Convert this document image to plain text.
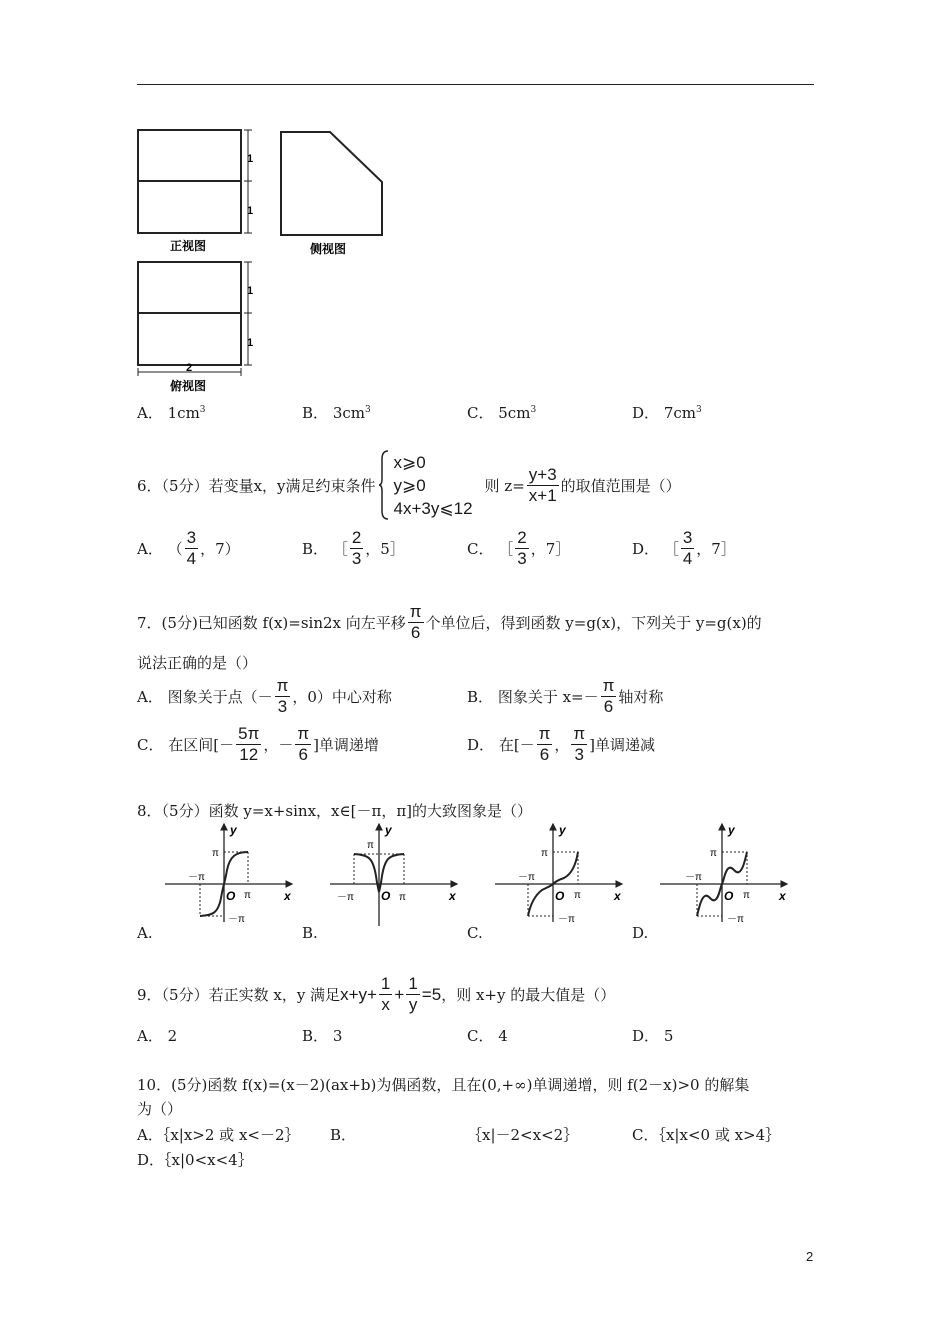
1
1
正视图	侧视图
1
1
2
俯视图
A． $1cm^3$	B． $3cm^3$	C． $5cm^3$	D． $7cm^3$
6．（5分）若变量x，y满足约束条件
x⩾0
y⩾0
4x+3y⩽12
则 $z= \frac{y+3}{x+1}$ 的取值范围是（）
A．
（ $\frac{3}{4}$ ，7）	B．
［ $\frac{2}{3}$ ，5］	C．
［ $\frac{2}{3}$ ，7］	D．
［ $\frac{3}{4}$ ，7］
7．(5分)已知函数 f(x)=sin2x 向左平移 $\frac{\pi}{6}$ 个单位后，得到函数 y=g(x)，下列关于 y=g(x)的
说法正确的是（）
A．
图象关于点（－ $\frac{\pi}{3}$ ，0）中心对称	B．
图象关于 $x=- \frac{\pi}{6}$ 轴对称
C．
在区间[－ $\frac{5\pi}{12}$ ，－ $\frac{\pi}{6}$ ]单调递增	D．
在[－ $\frac{\pi}{6}$ ， $\frac{\pi}{3}$ ]单调递减
8．（5分）函数 y=x+sinx，x∈[－π，π]的大致图象是（）
y
x
O
π
π
－π
－π
A.
y
x
O
π
π
－π
B.
y
x
O
π
π
－π
－π
C.
y
x
O
π
π
－π
－π
D.
9．（5分）若正实数 x，y 满足 $x+y+ \frac{1}{x} + \frac{1}{y} =5$ ，则 x+y 的最大值是（）
A． 2	B． 3	C． 4	D． 5
10．(5分)函数 f(x)=(x－2)(ax+b)为偶函数，且在(0,+∞)单调递增，则 f(2－x)>0 的解集
为（）
A．｛x|x>2 或 x<－2｝ B．	｛x|－2<x<2｝	C．｛x|x<0 或 x>4｝
D．｛x|0<x<4｝
2
